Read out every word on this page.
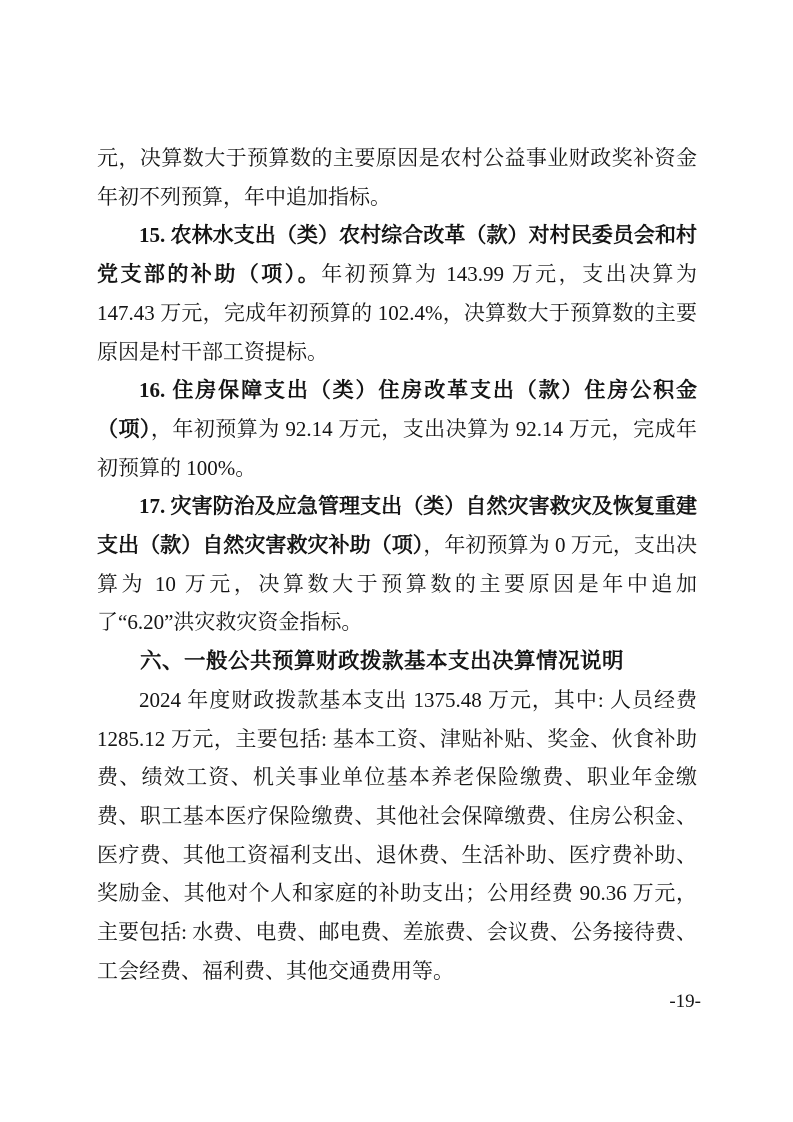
元，决算数大于预算数的主要原因是农村公益事业财政奖补资金年初不列预算，年中追加指标。

15. 农林水支出（类）农村综合改革（款）对村民委员会和村党支部的补助（项）。年初预算为 143.99 万元，支出决算为 147.43 万元，完成年初预算的 102.4%，决算数大于预算数的主要原因是村干部工资提标。

16. 住房保障支出（类）住房改革支出（款）住房公积金（项），年初预算为 92.14 万元，支出决算为 92.14 万元，完成年初预算的 100%。

17. 灾害防治及应急管理支出（类）自然灾害救灾及恢复重建支出（款）自然灾害救灾补助（项），年初预算为 0 万元，支出决算为 10 万元，决算数大于预算数的主要原因是年中追加了“6.20”洪灾救灾资金指标。

六、一般公共预算财政拨款基本支出决算情况说明

2024 年度财政拨款基本支出 1375.48 万元，其中: 人员经费 1285.12 万元，主要包括: 基本工资、津贴补贴、奖金、伙食补助费、绩效工资、机关事业单位基本养老保险缴费、职业年金缴费、职工基本医疗保险缴费、其他社会保障缴费、住房公积金、医疗费、其他工资福利支出、退休费、生活补助、医疗费补助、奖励金、其他对个人和家庭的补助支出；公用经费 90.36 万元，主要包括: 水费、电费、邮电费、差旅费、会议费、公务接待费、工会经费、福利费、其他交通费用等。

-19-
